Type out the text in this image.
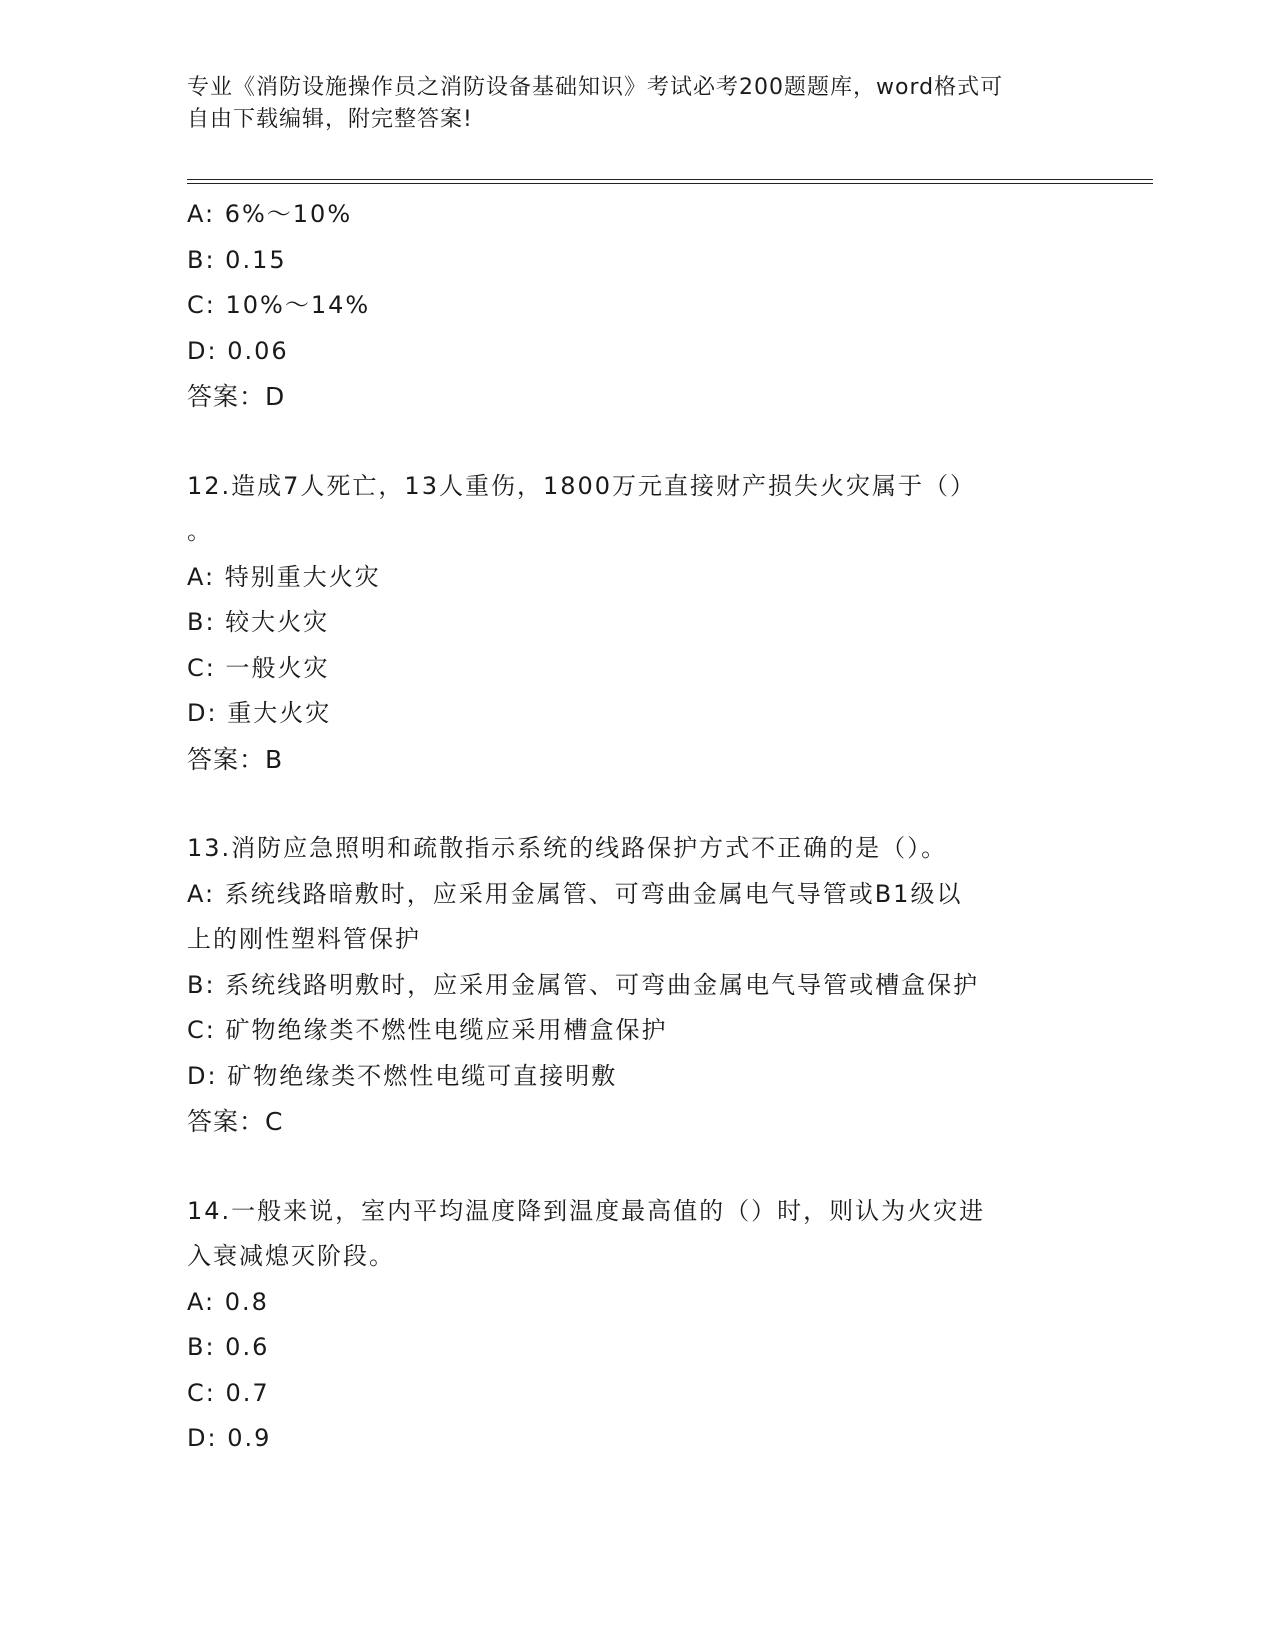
专业《消防设施操作员之消防设备基础知识》考试必考200题题库，word格式可
自由下载编辑，附完整答案!
A: 6%～10%
B: 0.15
C: 10%～14%
D: 0.06
答案：D
12.造成7人死亡，13人重伤，1800万元直接财产损失火灾属于（）
。
A: 特别重大火灾
B: 较大火灾
C: 一般火灾
D: 重大火灾
答案：B
13.消防应急照明和疏散指示系统的线路保护方式不正确的是（）。
A: 系统线路暗敷时，应采用金属管、可弯曲金属电气导管或B1级以
上的刚性塑料管保护
B: 系统线路明敷时，应采用金属管、可弯曲金属电气导管或槽盒保护
C: 矿物绝缘类不燃性电缆应采用槽盒保护
D: 矿物绝缘类不燃性电缆可直接明敷
答案：C
14.一般来说，室内平均温度降到温度最高值的（）时，则认为火灾进
入衰减熄灭阶段。
A: 0.8
B: 0.6
C: 0.7
D: 0.9
